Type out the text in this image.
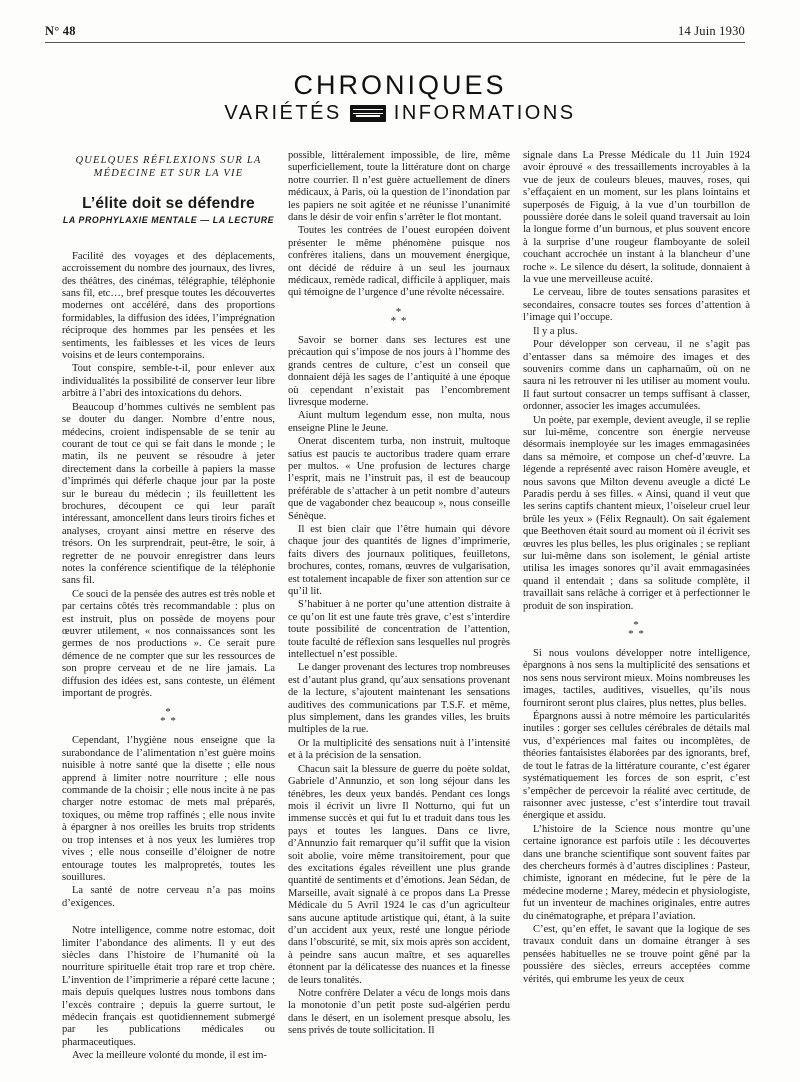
N° 48	14 Juin 1930
CHRONIQUES
VARIÉTÉS	INFORMATIONS
QUELQUES RÉFLEXIONS SUR LA MÉDECINE ET SUR LA VIE
L’élite doit se défendre
LA PROPHYLAXIE MENTALE — LA LECTURE

Facilité des voyages et des déplacements, accroissement du nombre des journaux, des livres, des théâtres, des cinémas, télégraphie, téléphonie sans fil, etc…, bref presque toutes les découvertes modernes ont accéléré, dans des proportions formidables, la diffusion des idées, l’imprégnation réciproque des hommes par les pensées et les sentiments, les faiblesses et les vices de leurs voisins et de leurs contemporains.

Tout conspire, semble-t-il, pour enlever aux individualités la possibilité de conserver leur libre arbitre à l’abri des intoxications du dehors.

Beaucoup d’hommes cultivés ne semblent pas se douter du danger. Nombre d’entre nous, médecins, croient indispensable de se tenir au courant de tout ce qui se fait dans le monde ; le matin, ils ne peuvent se résoudre à jeter directement dans la corbeille à papiers la masse d’imprimés qui déferle chaque jour par la poste sur le bureau du médecin ; ils feuillettent les brochures, découpent ce qui leur paraît intéressant, amoncellent dans leurs tiroirs fiches et analyses, croyant ainsi mettre en réserve des trésors. On les surprendrait, peut-être, le soir, à regretter de ne pouvoir enregistrer dans leurs notes la conférence scientifique de la téléphonie sans fil.

Ce souci de la pensée des autres est très noble et par certains côtés très recommandable : plus on est instruit, plus on possède de moyens pour œuvrer utilement, « nos connaissances sont les germes de nos productions ». Ce serait pure démence de ne compter que sur les ressources de son propre cerveau et de ne lire jamais. La diffusion des idées est, sans conteste, un élément important de progrès.

*
* *

Cependant, l’hygiène nous enseigne que la surabondance de l’alimentation n’est guère moins nuisible à notre santé que la disette ; elle nous apprend à limiter notre nourriture ; elle nous commande de la choisir ; elle nous incite à ne pas charger notre estomac de mets mal préparés, toxiques, ou même trop raffinés ; elle nous invite à épargner à nos oreilles les bruits trop stridents ou trop intenses et à nos yeux les lumières trop vives ; elle nous conseille d’éloigner de notre entourage toutes les malpropretés, toutes les souillures.

La santé de notre cerveau n’a pas moins d’exigences.

Notre intelligence, comme notre estomac, doit limiter l’abondance des aliments. Il y eut des siècles dans l’histoire de l’humanité où la nourriture spirituelle était trop rare et trop chère. L’invention de l’imprimerie a réparé cette lacune ; mais depuis quelques lustres nous tombons dans l’excès contraire ; depuis la guerre surtout, le médecin français est quotidiennement submergé par les publications médicales ou pharmaceutiques.

Avec la meilleure volonté du monde, il est im-

possible, littéralement impossible, de lire, même superficiellement, toute la littérature dont on charge notre courrier. Il n’est guère actuellement de dîners médicaux, à Paris, où la question de l’inondation par les papiers ne soit agitée et ne réunisse l’unanimité dans le désir de voir enfin s’arrêter le flot montant.

Toutes les contrées de l’ouest européen doivent présenter le même phénomène puisque nos confrères italiens, dans un mouvement énergique, ont décidé de réduire à un seul les journaux médicaux, remède radical, difficile à appliquer, mais qui témoigne de l’urgence d’une révolte nécessaire.

*
* *

Savoir se borner dans ses lectures est une précaution qui s’impose de nos jours à l’homme des grands centres de culture, c’est un conseil que donnaient déjà les sages de l’antiquité à une époque où cependant n’existait pas l’encombrement livresque moderne.

Aiunt multum legendum esse, non multa, nous enseigne Pline le Jeune.

Onerat discentem turba, non instruit, multoque satius est paucis te auctoribus tradere quam errare per multos. « Une profusion de lectures charge l’esprit, mais ne l’instruit pas, il est de beaucoup préférable de s’attacher à un petit nombre d’auteurs que de vagabonder chez beaucoup », nous conseille Sénèque.

Il est bien clair que l’être humain qui dévore chaque jour des quantités de lignes d’imprimerie, faits divers des journaux politiques, feuilletons, brochures, contes, romans, œuvres de vulgarisation, est totalement incapable de fixer son attention sur ce qu’il lit.

S’habituer à ne porter qu’une attention distraite à ce qu’on lit est une faute très grave, c’est s’interdire toute possibilité de concentration de l’attention, toute faculté de réflexion sans lesquelles nul progrès intellectuel n’est possible.

Le danger provenant des lectures trop nombreuses est d’autant plus grand, qu’aux sensations provenant de la lecture, s’ajoutent maintenant les sensations auditives des communications par T.S.F. et même, plus simplement, dans les grandes villes, les bruits multiples de la rue.

Or la multiplicité des sensations nuit à l’intensité et à la précision de la sensation.

Chacun sait la blessure de guerre du poète soldat, Gabriele d’Annunzio, et son long séjour dans les ténèbres, les deux yeux bandés. Pendant ces longs mois il écrivit un livre Il Notturno, qui fut un immense succès et qui fut lu et traduit dans tous les pays et toutes les langues. Dans ce livre, d’Annunzio fait remarquer qu’il suffit que la vision soit abolie, voire même transitoirement, pour que des excitations égales réveillent une plus grande quantité de sentiments et d’émotions. Jean Sédan, de Marseille, avait signalé à ce propos dans La Presse Médicale du 5 Avril 1924 le cas d’un agriculteur sans aucune aptitude artistique qui, étant, à la suite d’un accident aux yeux, resté une longue période dans l’obscurité, se mit, six mois après son accident, à peindre sans aucun maître, et ses aquarelles étonnent par la délicatesse des nuances et la finesse de leurs tonalités.

Notre confrère Delater a vécu de longs mois dans la monotonie d’un petit poste sud-algérien perdu dans le désert, en un isolement presque absolu, les sens privés de toute sollicitation. Il

signale dans La Presse Médicale du 11 Juin 1924 avoir éprouvé « des tressaillements incroyables à la vue de jeux de couleurs bleues, mauves, roses, qui s’effaçaient en un moment, sur les plans lointains et superposés de Figuig, à la vue d’un tourbillon de poussière dorée dans le soleil quand traversait au loin la longue forme d’un burnous, et plus souvent encore à la surprise d’une rougeur flamboyante de soleil couchant accrochée un instant à la blancheur d’une roche ». Le silence du désert, la solitude, donnaient à la vue une merveilleuse acuité.

Le cerveau, libre de toutes sensations parasites et secondaires, consacre toutes ses forces d’attention à l’image qui l’occupe.

Il y a plus.

Pour développer son cerveau, il ne s’agit pas d’entasser dans sa mémoire des images et des souvenirs comme dans un capharnaüm, où on ne saura ni les retrouver ni les utiliser au moment voulu. Il faut surtout consacrer un temps suffisant à classer, ordonner, associer les images accumulées.

Un poète, par exemple, devient aveugle, il se replie sur lui-même, concentre son énergie nerveuse désormais inemployée sur les images emmagasinées dans sa mémoire, et compose un chef-d’œuvre. La légende a représenté avec raison Homère aveugle, et nous savons que Milton devenu aveugle a dicté Le Paradis perdu à ses filles. « Ainsi, quand il veut que les serins captifs chantent mieux, l’oiseleur cruel leur brûle les yeux » (Félix Regnault). On sait également que Beethoven était sourd au moment où il écrivit ses œuvres les plus belles, les plus originales ; se repliant sur lui-même dans son isolement, le génial artiste utilisa les images sonores qu’il avait emmagasinées quand il entendait ; dans sa solitude complète, il travaillait sans relâche à corriger et à perfectionner le produit de son inspiration.

*
* *

Si nous voulons développer notre intelligence, épargnons à nos sens la multiplicité des sensations et nos sens nous serviront mieux. Moins nombreuses les images, tactiles, auditives, visuelles, qu’ils nous fourniront seront plus claires, plus nettes, plus belles.

Épargnons aussi à notre mémoire les particularités inutiles : gorger ses cellules cérébrales de détails mal vus, d’expériences mal faites ou incomplètes, de théories fantaisistes élaborées par des ignorants, bref, de tout le fatras de la littérature courante, c’est égarer systématiquement les forces de son esprit, c’est s’empêcher de percevoir la réalité avec certitude, de raisonner avec justesse, c’est s’interdire tout travail énergique et assidu.

L’histoire de la Science nous montre qu’une certaine ignorance est parfois utile : les découvertes dans une branche scientifique sont souvent faites par des chercheurs formés à d’autres disciplines : Pasteur, chimiste, ignorant en médecine, fut le père de la médecine moderne ; Marey, médecin et physiologiste, fut un inventeur de machines originales, entre autres du cinématographe, et prépara l’aviation.

C’est, qu’en effet, le savant que la logique de ses travaux conduit dans un domaine étranger à ses pensées habituelles ne se trouve point gêné par la poussière des siècles, erreurs acceptées comme vérités, qui embrume les yeux de ceux
